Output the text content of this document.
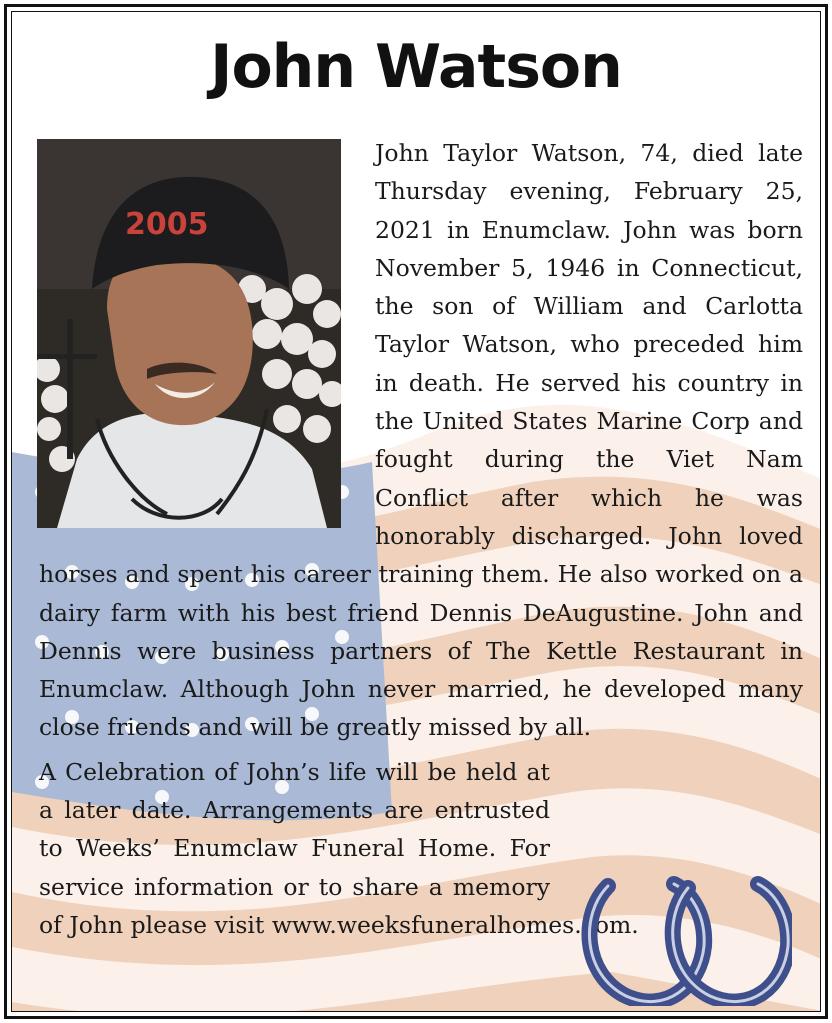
John Watson
2005

John Taylor Watson, 74, died late Thursday evening, February 25, 2021 in Enumclaw. John was born November 5, 1946 in Connecticut, the son of William and Carlotta Taylor Watson, who preceded him in death. He served his country in the United States Marine Corp and fought during the Viet Nam Conflict after which he was honorably discharged. John loved horses and spent his career training them. He also worked on a dairy farm with his best friend Dennis DeAugustine. John and Dennis were business partners of The Kettle Restaurant in Enumclaw. Although John never married, he developed many close friends and will be greatly missed by all.

A Celebration of John’s life will be held at a later date. Arrangements are entrusted to Weeks’ Enumclaw Funeral Home. For service information or to share a memory of John please visit www.weeksfuneralhomes.com.
